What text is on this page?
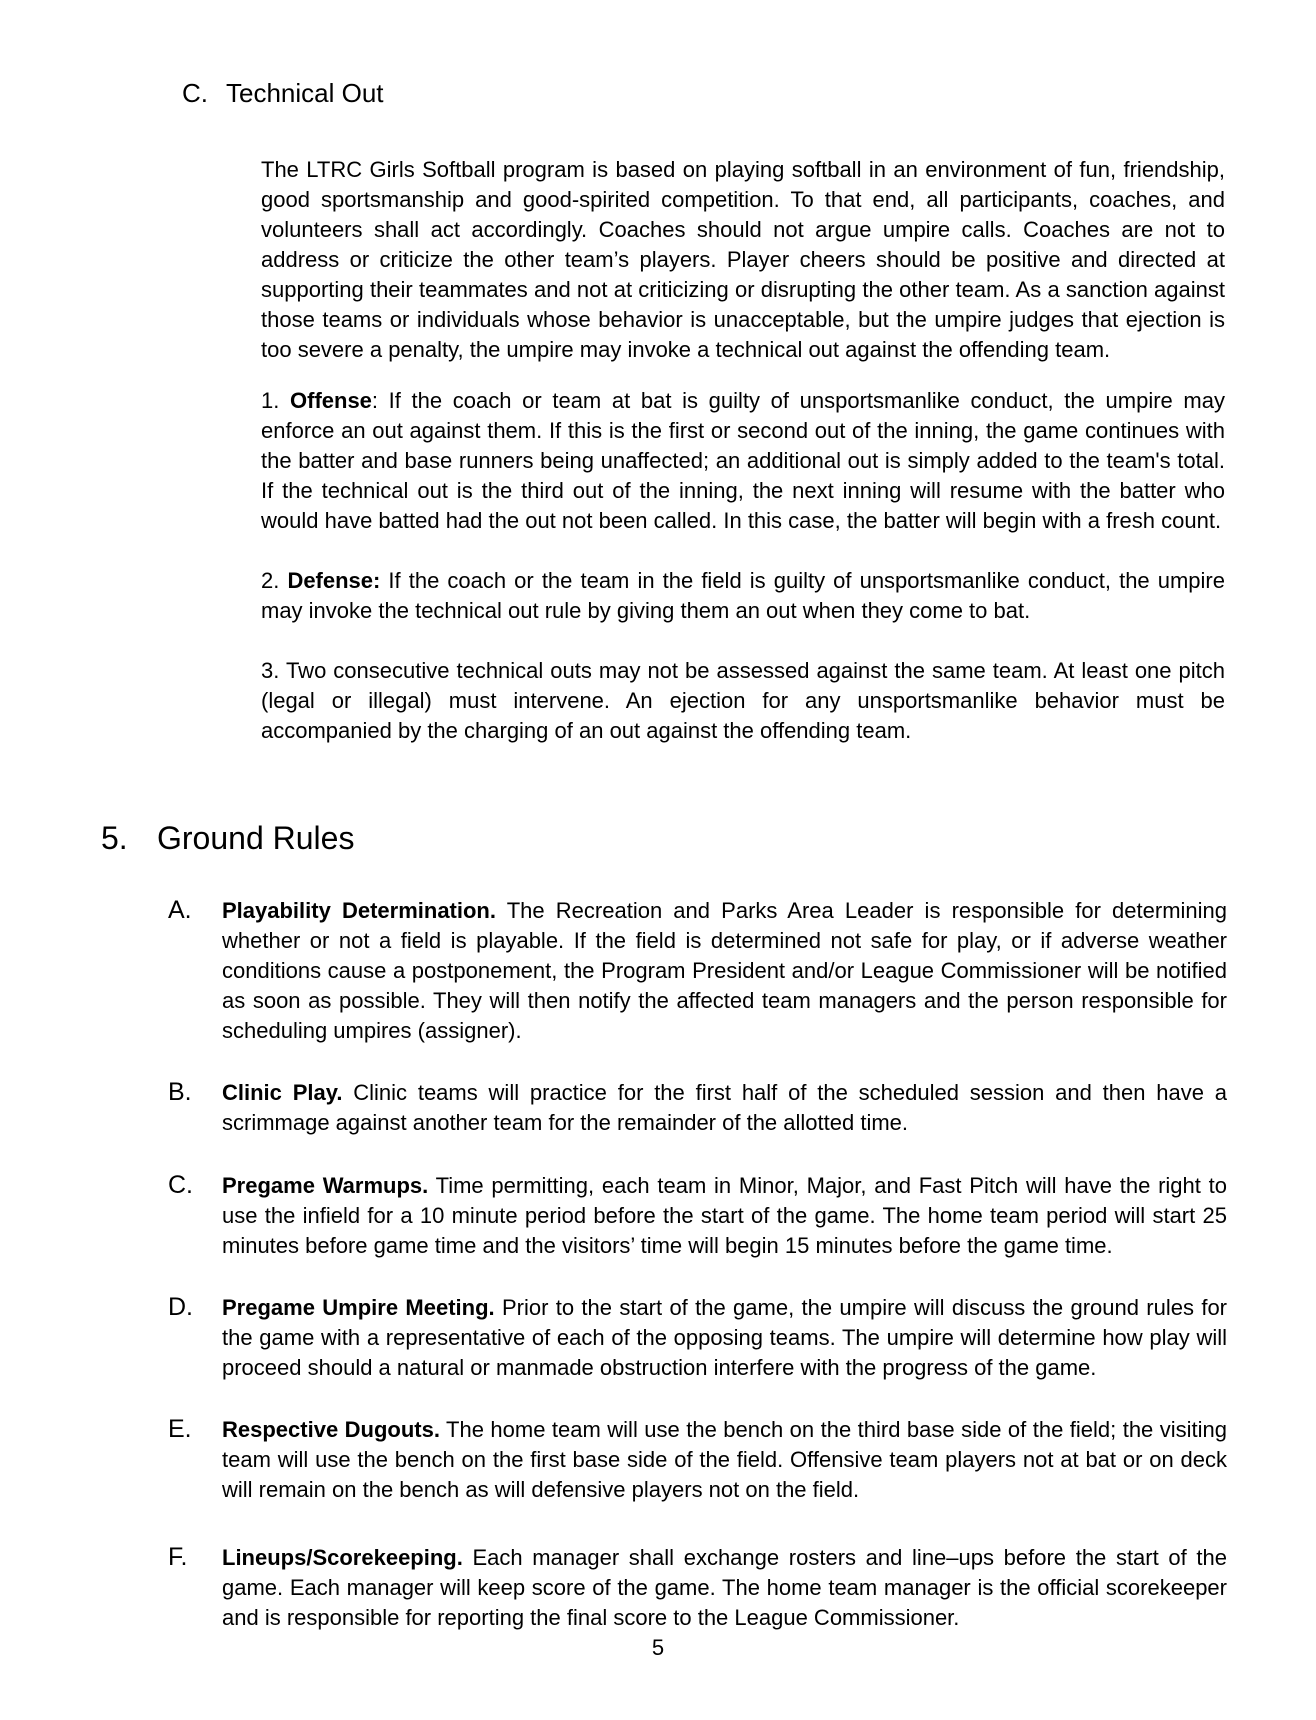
C. Technical Out
The LTRC Girls Softball program is based on playing softball in an environment of fun, friendship, good sportsmanship and good-spirited competition. To that end, all participants, coaches, and volunteers shall act accordingly. Coaches should not argue umpire calls. Coaches are not to address or criticize the other team’s players. Player cheers should be positive and directed at supporting their teammates and not at criticizing or disrupting the other team. As a sanction against those teams or individuals whose behavior is unacceptable, but the umpire judges that ejection is too severe a penalty, the umpire may invoke a technical out against the offending team.
1. Offense: If the coach or team at bat is guilty of unsportsmanlike conduct, the umpire may enforce an out against them. If this is the first or second out of the inning, the game continues with the batter and base runners being unaffected; an additional out is simply added to the team's total. If the technical out is the third out of the inning, the next inning will resume with the batter who would have batted had the out not been called. In this case, the batter will begin with a fresh count.
2. Defense: If the coach or the team in the field is guilty of unsportsmanlike conduct, the umpire may invoke the technical out rule by giving them an out when they come to bat.
3. Two consecutive technical outs may not be assessed against the same team. At least one pitch (legal or illegal) must intervene. An ejection for any unsportsmanlike behavior must be accompanied by the charging of an out against the offending team.
5. Ground Rules
A. Playability Determination. The Recreation and Parks Area Leader is responsible for determining whether or not a field is playable. If the field is determined not safe for play, or if adverse weather conditions cause a postponement, the Program President and/or League Commissioner will be notified as soon as possible. They will then notify the affected team managers and the person responsible for scheduling umpires (assigner).
B. Clinic Play. Clinic teams will practice for the first half of the scheduled session and then have a scrimmage against another team for the remainder of the allotted time.
C. Pregame Warmups. Time permitting, each team in Minor, Major, and Fast Pitch will have the right to use the infield for a 10 minute period before the start of the game. The home team period will start 25 minutes before game time and the visitors’ time will begin 15 minutes before the game time.
D. Pregame Umpire Meeting. Prior to the start of the game, the umpire will discuss the ground rules for the game with a representative of each of the opposing teams. The umpire will determine how play will proceed should a natural or manmade obstruction interfere with the progress of the game.
E. Respective Dugouts. The home team will use the bench on the third base side of the field; the visiting team will use the bench on the first base side of the field. Offensive team players not at bat or on deck will remain on the bench as will defensive players not on the field.
F. Lineups/Scorekeeping. Each manager shall exchange rosters and line–ups before the start of the game. Each manager will keep score of the game. The home team manager is the official scorekeeper and is responsible for reporting the final score to the League Commissioner.
5
